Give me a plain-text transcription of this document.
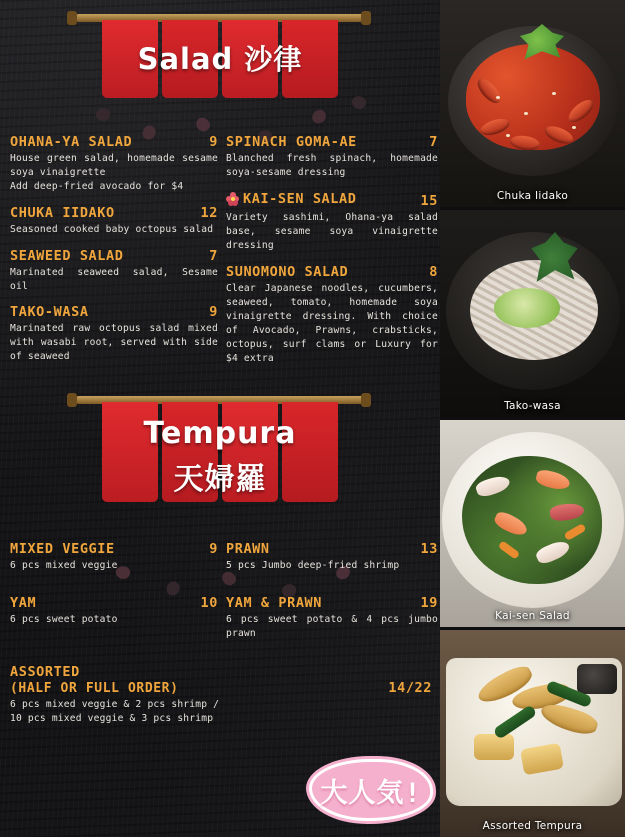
Salad 沙律
OHANA-YA SALAD	9
House green salad, homemade sesame soya vinaigrette
Add deep-fried avocado for $4
CHUKA IIDAKO	12
Seasoned cooked baby octopus salad
SEAWEED SALAD	7
Marinated seaweed salad, Sesame oil
TAKO-WASA	9
Marinated raw octopus salad mixed with wasabi root, served with side of seaweed
SPINACH GOMA-AE	7
Blanched fresh spinach, homemade soya-sesame dressing
KAI-SEN SALAD	15
Variety sashimi, Ohana-ya salad base, sesame soya vinaigrette dressing
SUNOMONO SALAD	8
Clear Japanese noodles, cucumbers, seaweed, tomato, homemade soya vinaigrette dressing. With choice of Avocado, Prawns, crabsticks, octopus, surf clams or Luxury for $4 extra
Tempura
天婦羅
MIXED VEGGIE	9
6 pcs mixed veggie
YAM	10
6 pcs sweet potato
PRAWN	13
5 pcs Jumbo deep-fried shrimp
YAM & PRAWN	19
6 pcs sweet potato & 4 pcs jumbo prawn
ASSORTED
(HALF OR FULL ORDER)	14/22
6 pcs mixed veggie & 2 pcs shrimp /
10 pcs mixed veggie & 3 pcs shrimp
大人気!
Chuka Iidako
Tako-wasa
Kai-sen Salad
Assorted Tempura
